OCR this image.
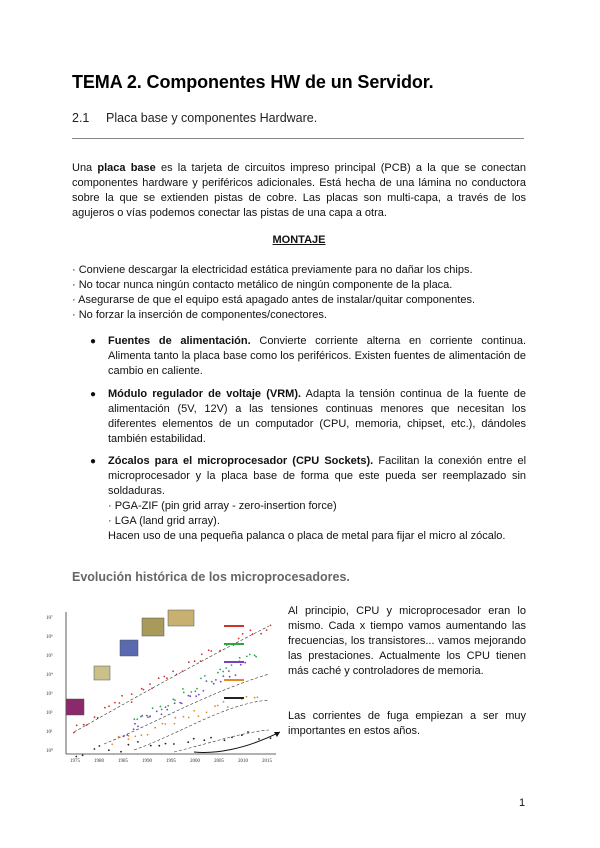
TEMA 2. Componentes HW de un Servidor.
2.1 Placa base y componentes Hardware.
Una placa base es la tarjeta de circuitos impreso principal (PCB) a la que se conectan componentes hardware y periféricos adicionales. Está hecha de una lámina no conductora sobre la que se extienden pistas de cobre. Las placas son multi-capa, a través de los agujeros o vías podemos conectar las pistas de una capa a otra.
MONTAJE
· Conviene descargar la electricidad estática previamente para no dañar los chips.
· No tocar nunca ningún contacto metálico de ningún componente de la placa.
· Asegurarse de que el equipo está apagado antes de instalar/quitar componentes.
· No forzar la inserción de componentes/conectores.
●	Fuentes de alimentación. Convierte corriente alterna en corriente continua. Alimenta tanto la placa base como los periféricos. Existen fuentes de alimentación de cambio en caliente.
●	Módulo regulador de voltaje (VRM). Adapta la tensión continua de la fuente de alimentación (5V, 12V) a las tensiones continuas menores que necesitan los diferentes elementos de un computador (CPU, memoria, chipset, etc.), dándoles también estabilidad.
●	Zócalos para el microprocesador (CPU Sockets). Facilitan la conexión entre el microprocesador y la placa base de forma que este pueda ser reemplazado sin soldaduras.
· PGA-ZIF (pin grid array - zero-insertion force)
· LGA (land grid array).
Hacen uso de una pequeña palanca o placa de metal para fijar el micro al zócalo.
Evolución histórica de los microprocesadores.
10⁷
10⁶
10⁵
10⁴
10³
10²
10¹
10⁰
1975	1980	1985	1990	1995	2000	2005	2010	2015
Al principio, CPU y microprocesador eran lo mismo. Cada x tiempo vamos aumentando las frecuencias, los transistores... vamos mejorando las prestaciones. Actualmente los CPU tienen más caché y controladores de memoria.
Las corrientes de fuga empiezan a ser muy importantes en estos años.
1
